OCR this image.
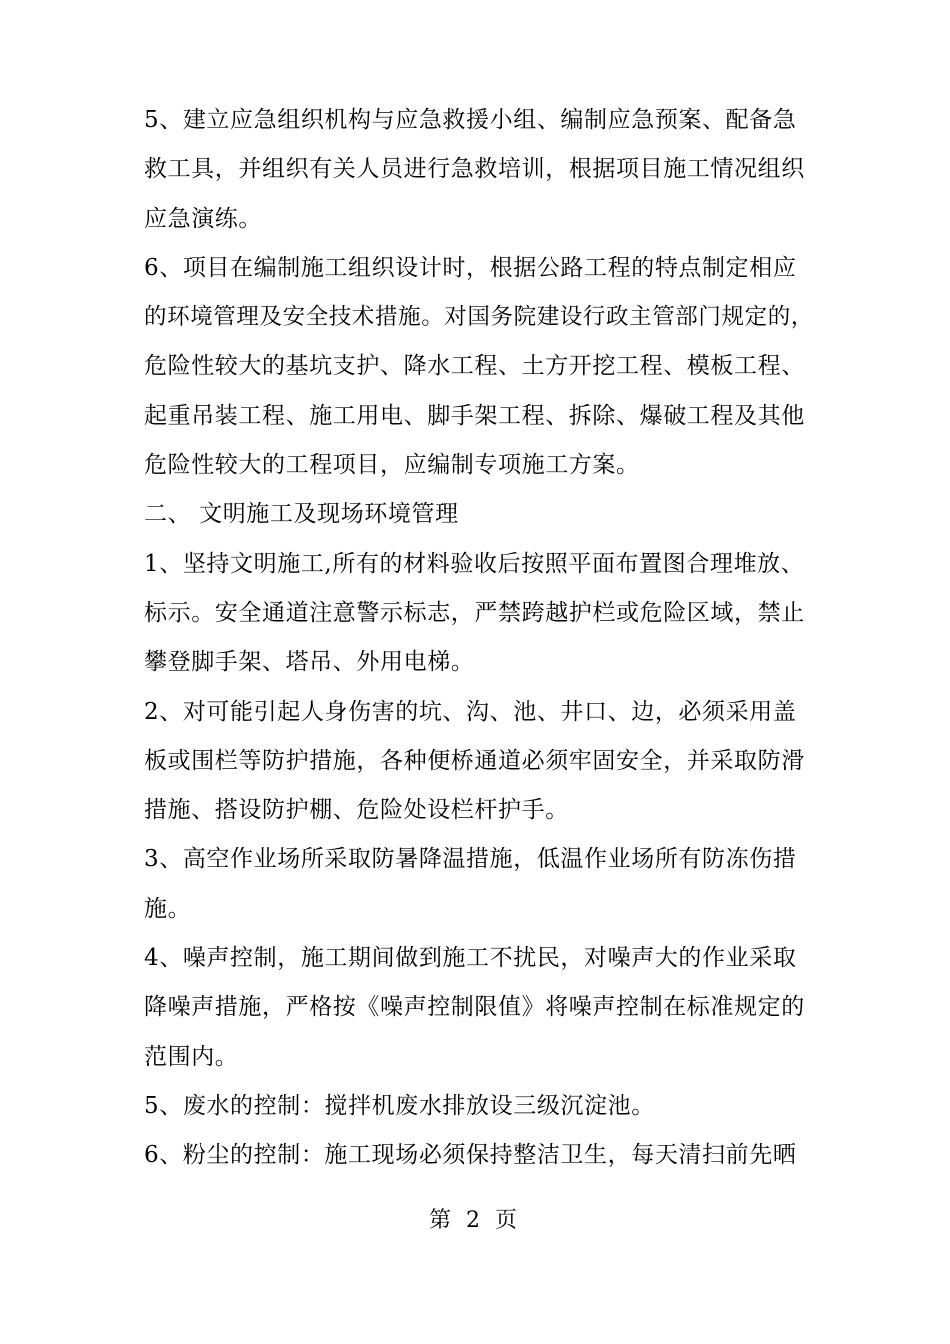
5、建立应急组织机构与应急救援小组、编制应急预案、配备急
救工具，并组织有关人员进行急救培训，根据项目施工情况组织
应急演练。

6、项目在编制施工组织设计时，根据公路工程的特点制定相应
的环境管理及安全技术措施。对国务院建设行政主管部门规定的，
危险性较大的基坑支护、降水工程、土方开挖工程、模板工程、
起重吊装工程、施工用电、脚手架工程、拆除、爆破工程及其他
危险性较大的工程项目，应编制专项施工方案。

二、 文明施工及现场环境管理

1、坚持文明施工,所有的材料验收后按照平面布置图合理堆放、
标示。安全通道注意警示标志，严禁跨越护栏或危险区域，禁止
攀登脚手架、塔吊、外用电梯。

2、对可能引起人身伤害的坑、沟、池、井口、边，必须采用盖
板或围栏等防护措施，各种便桥通道必须牢固安全，并采取防滑
措施、搭设防护棚、危险处设栏杆护手。

3、高空作业场所采取防暑降温措施，低温作业场所有防冻伤措
施。

4、噪声控制，施工期间做到施工不扰民，对噪声大的作业采取
降噪声措施，严格按《噪声控制限值》将噪声控制在标准规定的
范围内。

5、废水的控制：搅拌机废水排放设三级沉淀池。

6、粉尘的控制：施工现场必须保持整洁卫生，每天清扫前先晒

第 2 页
